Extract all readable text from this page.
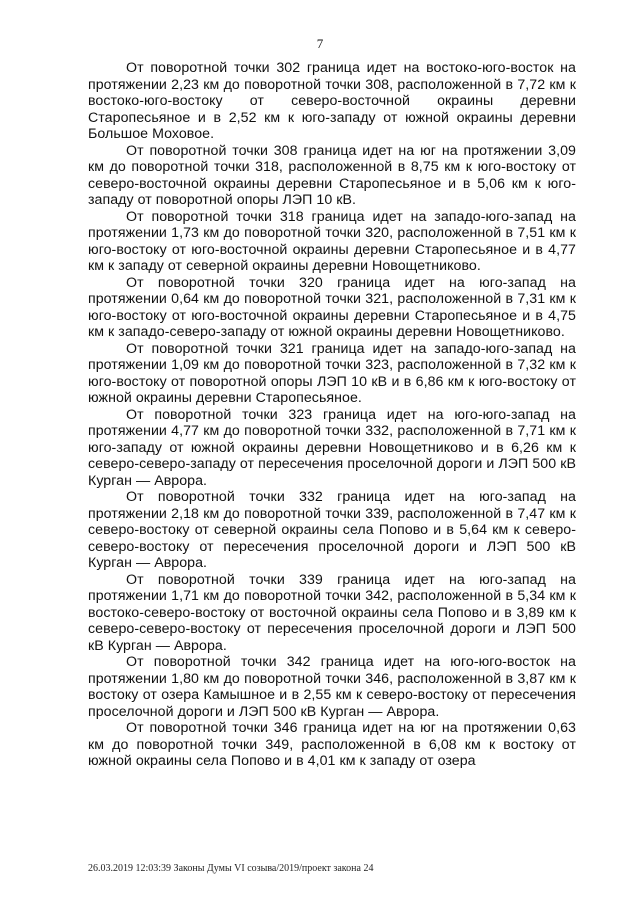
7

От поворотной точки 302 граница идет на востоко-юго-восток на протяжении 2,23 км до поворотной точки 308, расположенной в 7,72 км к востоко-юго-востоку от северо-восточной окраины деревни Старопесьяное и в 2,52 км к юго-западу от южной окраины деревни Большое Моховое.

От поворотной точки 308 граница идет на юг на протяжении 3,09 км до поворотной точки 318, расположенной в 8,75 км к юго-востоку от северо-восточной окраины деревни Старопесьяное и в 5,06 км к юго-западу от поворотной опоры ЛЭП 10 кВ.

От поворотной точки 318 граница идет на западо-юго-запад на протяжении 1,73 км до поворотной точки 320, расположенной в 7,51 км к юго-востоку от юго-восточной окраины деревни Старопесьяное и в 4,77 км к западу от северной окраины деревни Новощетниково.

От поворотной точки 320 граница идет на юго-запад на протяжении 0,64 км до поворотной точки 321, расположенной в 7,31 км к юго-востоку от юго-восточной окраины деревни Старопесьяное и в 4,75 км к западо-северо-западу от южной окраины деревни Новощетниково.

От поворотной точки 321 граница идет на западо-юго-запад на протяжении 1,09 км до поворотной точки 323, расположенной в 7,32 км к юго-востоку от поворотной опоры ЛЭП 10 кВ и в 6,86 км к юго-востоку от южной окраины деревни Старопесьяное.

От поворотной точки 323 граница идет на юго-юго-запад на протяжении 4,77 км до поворотной точки 332, расположенной в 7,71 км к юго-западу от южной окраины деревни Новощетниково и в 6,26 км к северо-северо-западу от пересечения проселочной дороги и ЛЭП 500 кВ Курган — Аврора.

От поворотной точки 332 граница идет на юго-запад на протяжении 2,18 км до поворотной точки 339, расположенной в 7,47 км к северо-востоку от северной окраины села Попово и в 5,64 км к северо-северо-востоку от пересечения проселочной дороги и ЛЭП 500 кВ Курган — Аврора.

От поворотной точки 339 граница идет на юго-запад на протяжении 1,71 км до поворотной точки 342, расположенной в 5,34 км к востоко-северо-востоку от восточной окраины села Попово и в 3,89 км к северо-северо-востоку от пересечения проселочной дороги и ЛЭП 500 кВ Курган — Аврора.

От поворотной точки 342 граница идет на юго-юго-восток на протяжении 1,80 км до поворотной точки 346, расположенной в 3,87 км к востоку от озера Камышное и в 2,55 км к северо-востоку от пересечения проселочной дороги и ЛЭП 500 кВ Курган — Аврора.

От поворотной точки 346 граница идет на юг на протяжении 0,63 км до поворотной точки 349, расположенной в 6,08 км к востоку от южной окраины села Попово и в 4,01 км к западу от озера

26.03.2019 12:03:39 Законы Думы VI созыва/2019/проект закона 24
